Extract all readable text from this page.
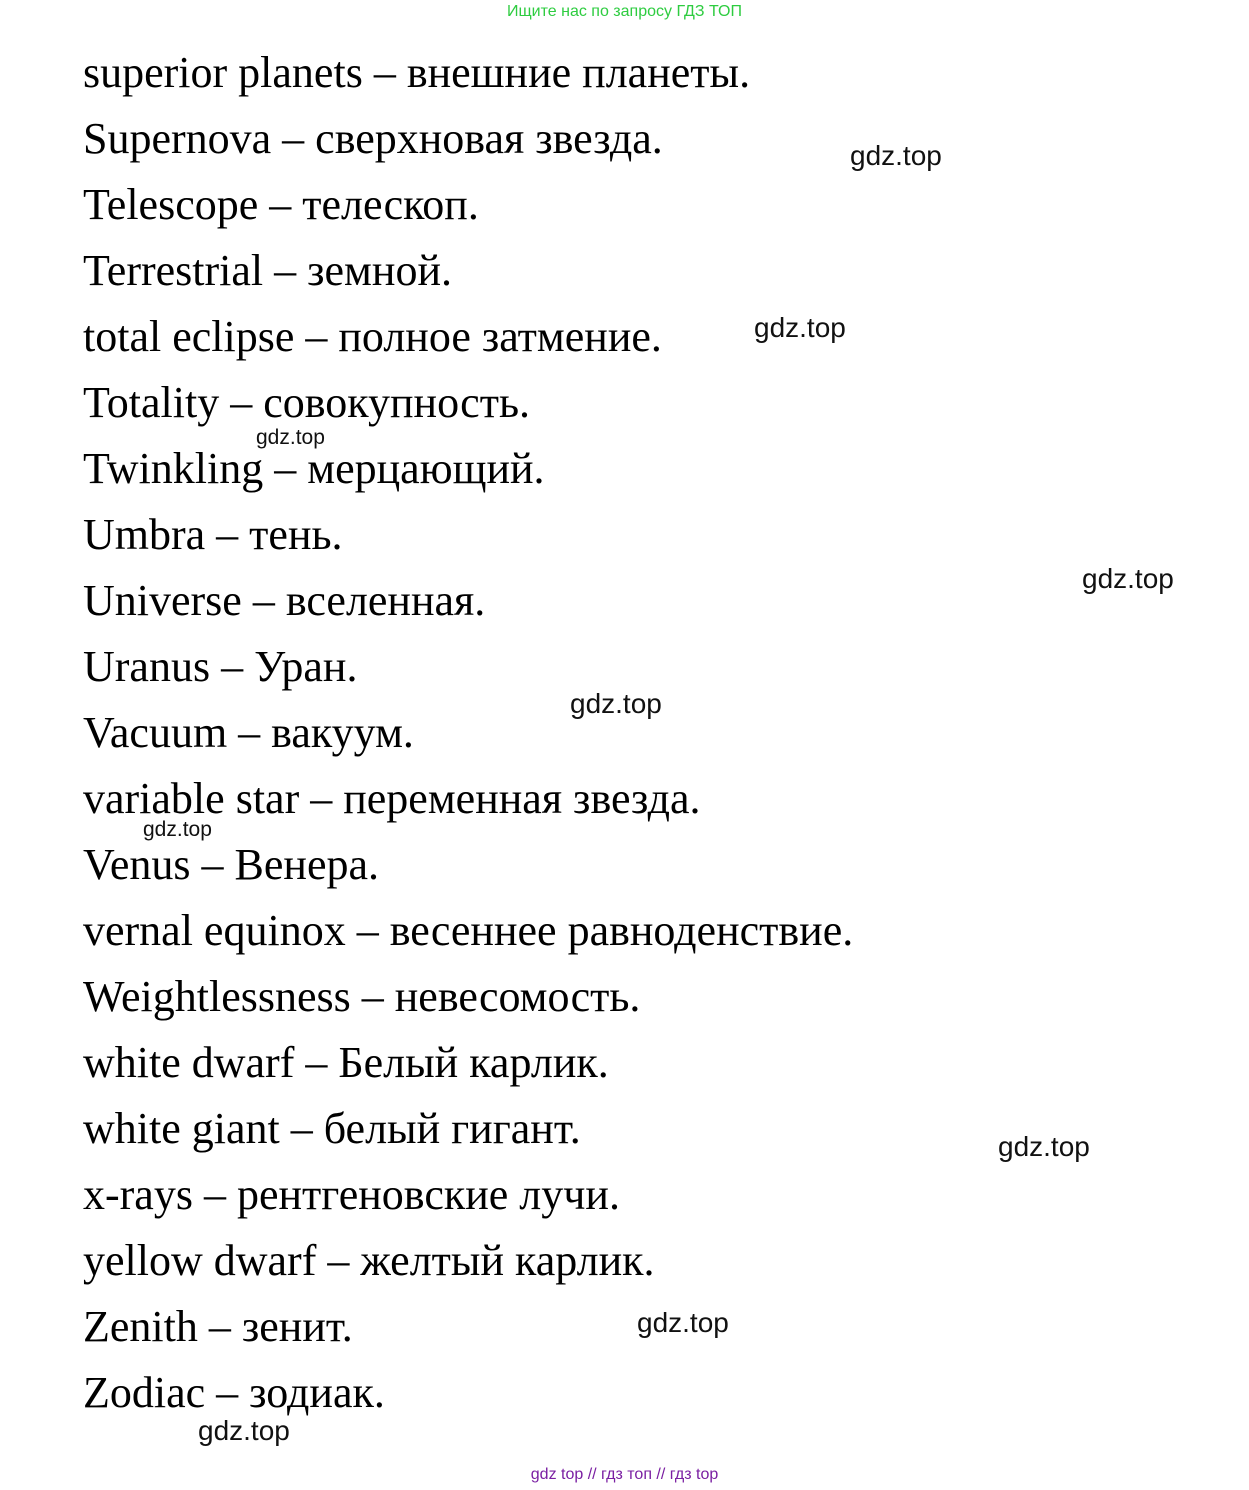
Ищите нас по запросу ГДЗ ТОП
superior planets – внешние планеты.
Supernova – сверхновая звезда.
Telescope – телескоп.
Terrestrial – земной.
total eclipse – полное затмение.
Totality – совокупность.
Twinkling – мерцающий.
Umbra – тень.
Universe – вселенная.
Uranus – Уран.
Vacuum – вакуум.
variable star – переменная звезда.
Venus – Венера.
vernal equinox – весеннее равноденствие.
Weightlessness – невесомость.
white dwarf – Белый карлик.
white giant – белый гигант.
x-rays – рентгеновские лучи.
yellow dwarf – желтый карлик.
Zenith – зенит.
Zodiac – зодиак.
gdz.top
gdz.top
gdz.top
gdz.top
gdz.top
gdz.top
gdz.top
gdz.top
gdz.top
gdz top // гдз топ // гдз top
